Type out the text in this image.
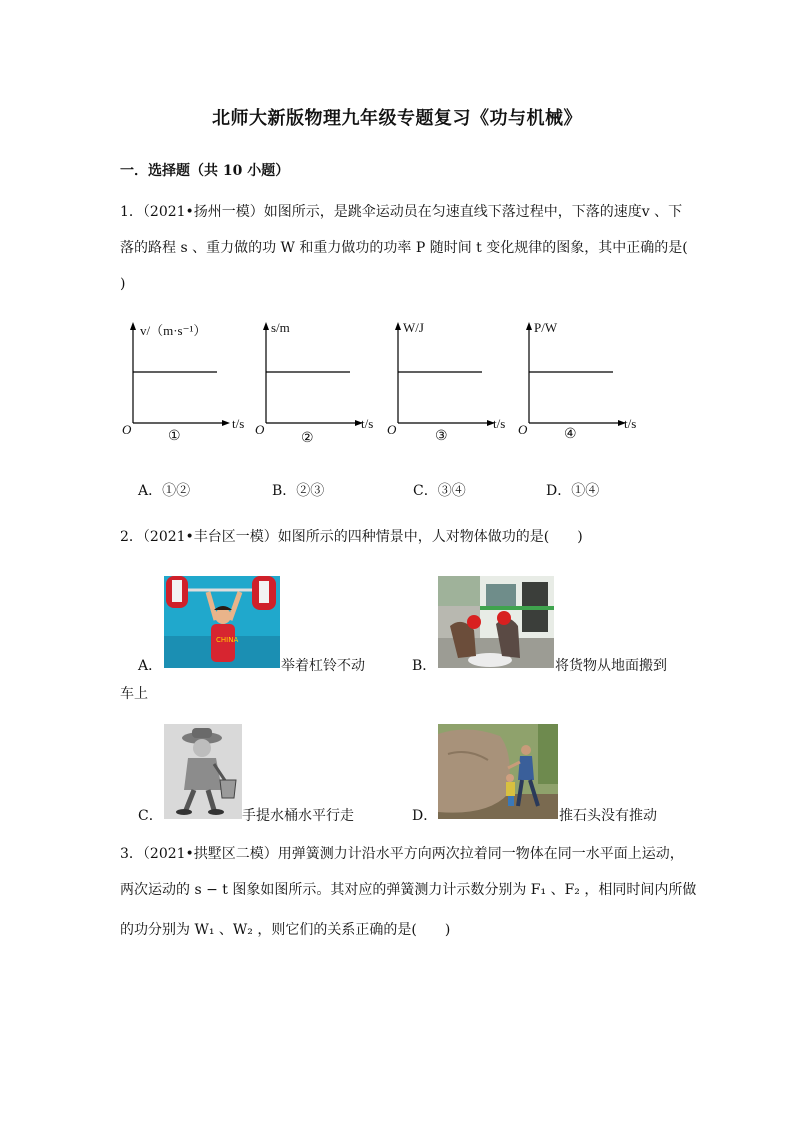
北师大新版物理九年级专题复习《功与机械》
一．选择题（共 10 小题）
1．（2021•扬州一模）如图所示，是跳伞运动员在匀速直线下落过程中，下落的速度v 、下
落的路程 s 、重力做的功 W 和重力做功的功率 P 随时间 t 变化规律的图象，其中正确的是(
)
v/（m·s⁻¹）
t/s
O	①
s/m
t/s
O
②
W/J
t/s
O	③
P/W
t/s
O	④
A．①②	B．②③	C．③④	D．①④
2．（2021•丰台区一模）如图所示的四种情景中，人对物体做功的是(　　)
A．
CHINA
举着杠铃不动	B．	将货物从地面搬到
车上
C．	手提水桶水平行走	D．	推石头没有推动
3．（2021•拱墅区二模）用弹簧测力计沿水平方向两次拉着同一物体在同一水平面上运动，
两次运动的 s − t 图象如图所示。其对应的弹簧测力计示数分别为 F₁ 、F₂ ，相同时间内所做
的功分别为 W₁ 、W₂ ，则它们的关系正确的是(　　)
